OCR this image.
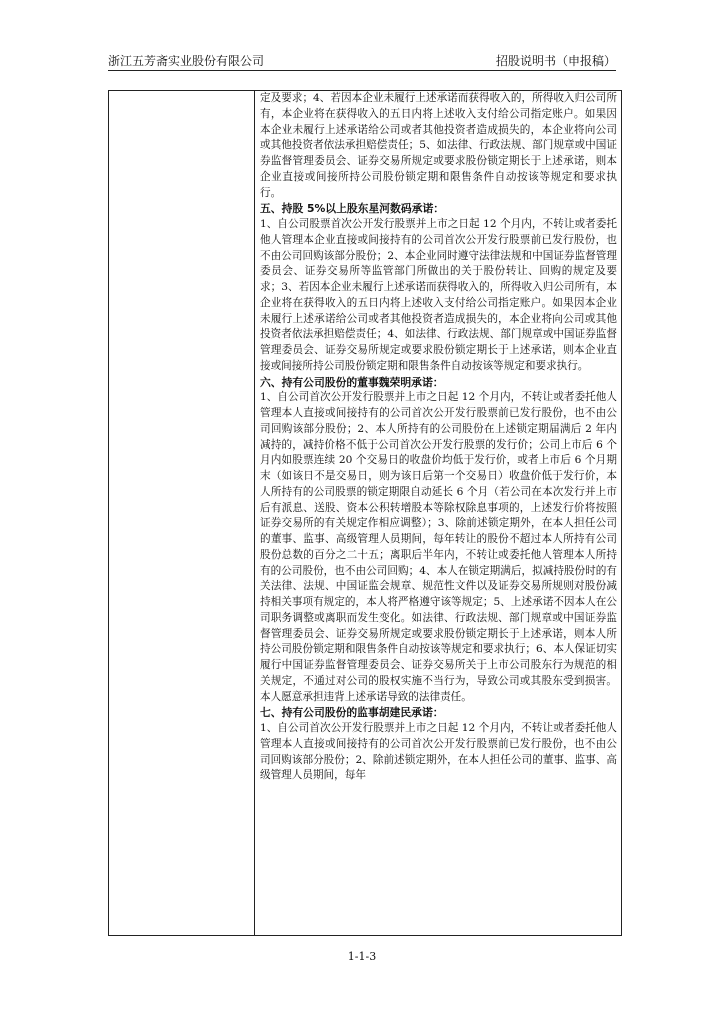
浙江五芳斋实业股份有限公司	招股说明书（申报稿）

定及要求；4、若因本企业未履行上述承诺而获得收入的，所得收入归公司所有，本企业将在获得收入的五日内将上述收入支付给公司指定账户。如果因本企业未履行上述承诺给公司或者其他投资者造成损失的，本企业将向公司或其他投资者依法承担赔偿责任；5、如法律、行政法规、部门规章或中国证券监督管理委员会、证券交易所规定或要求股份锁定期长于上述承诺，则本企业直接或间接所持公司股份锁定期和限售条件自动按该等规定和要求执行。

五、持股 5%以上股东星河数码承诺：

1、自公司股票首次公开发行股票并上市之日起 12 个月内，不转让或者委托他人管理本企业直接或间接持有的公司首次公开发行股票前已发行股份，也不由公司回购该部分股份；2、本企业同时遵守法律法规和中国证券监督管理委员会、证券交易所等监管部门所做出的关于股份转让、回购的规定及要求；3、若因本企业未履行上述承诺而获得收入的，所得收入归公司所有，本企业将在获得收入的五日内将上述收入支付给公司指定账户。如果因本企业未履行上述承诺给公司或者其他投资者造成损失的，本企业将向公司或其他投资者依法承担赔偿责任；4、如法律、行政法规、部门规章或中国证券监督管理委员会、证券交易所规定或要求股份锁定期长于上述承诺，则本企业直接或间接所持公司股份锁定期和限售条件自动按该等规定和要求执行。

六、持有公司股份的董事魏荣明承诺：

1、自公司首次公开发行股票并上市之日起 12 个月内，不转让或者委托他人管理本人直接或间接持有的公司首次公开发行股票前已发行股份，也不由公司回购该部分股份；2、本人所持有的公司股份在上述锁定期届满后 2 年内减持的，减持价格不低于公司首次公开发行股票的发行价；公司上市后 6 个月内如股票连续 20 个交易日的收盘价均低于发行价，或者上市后 6 个月期末（如该日不是交易日，则为该日后第一个交易日）收盘价低于发行价，本人所持有的公司股票的锁定期限自动延长 6 个月（若公司在本次发行并上市后有派息、送股、资本公积转增股本等除权除息事项的，上述发行价将按照证券交易所的有关规定作相应调整）；3、除前述锁定期外，在本人担任公司的董事、监事、高级管理人员期间，每年转让的股份不超过本人所持有公司股份总数的百分之二十五；离职后半年内，不转让或委托他人管理本人所持有的公司股份，也不由公司回购；4、本人在锁定期满后，拟减持股份时的有关法律、法规、中国证监会规章、规范性文件以及证券交易所规则对股份减持相关事项有规定的，本人将严格遵守该等规定；5、上述承诺不因本人在公司职务调整或离职而发生变化。如法律、行政法规、部门规章或中国证券监督管理委员会、证券交易所规定或要求股份锁定期长于上述承诺，则本人所持公司股份锁定期和限售条件自动按该等规定和要求执行；6、本人保证切实履行中国证券监督管理委员会、证券交易所关于上市公司股东行为规范的相关规定，不通过对公司的股权实施不当行为，导致公司或其股东受到损害。本人愿意承担违背上述承诺导致的法律责任。

七、持有公司股份的监事胡建民承诺：

1、自公司首次公开发行股票并上市之日起 12 个月内，不转让或者委托他人管理本人直接或间接持有的公司首次公开发行股票前已发行股份，也不由公司回购该部分股份；2、除前述锁定期外，在本人担任公司的董事、监事、高级管理人员期间，每年

1-1-3
